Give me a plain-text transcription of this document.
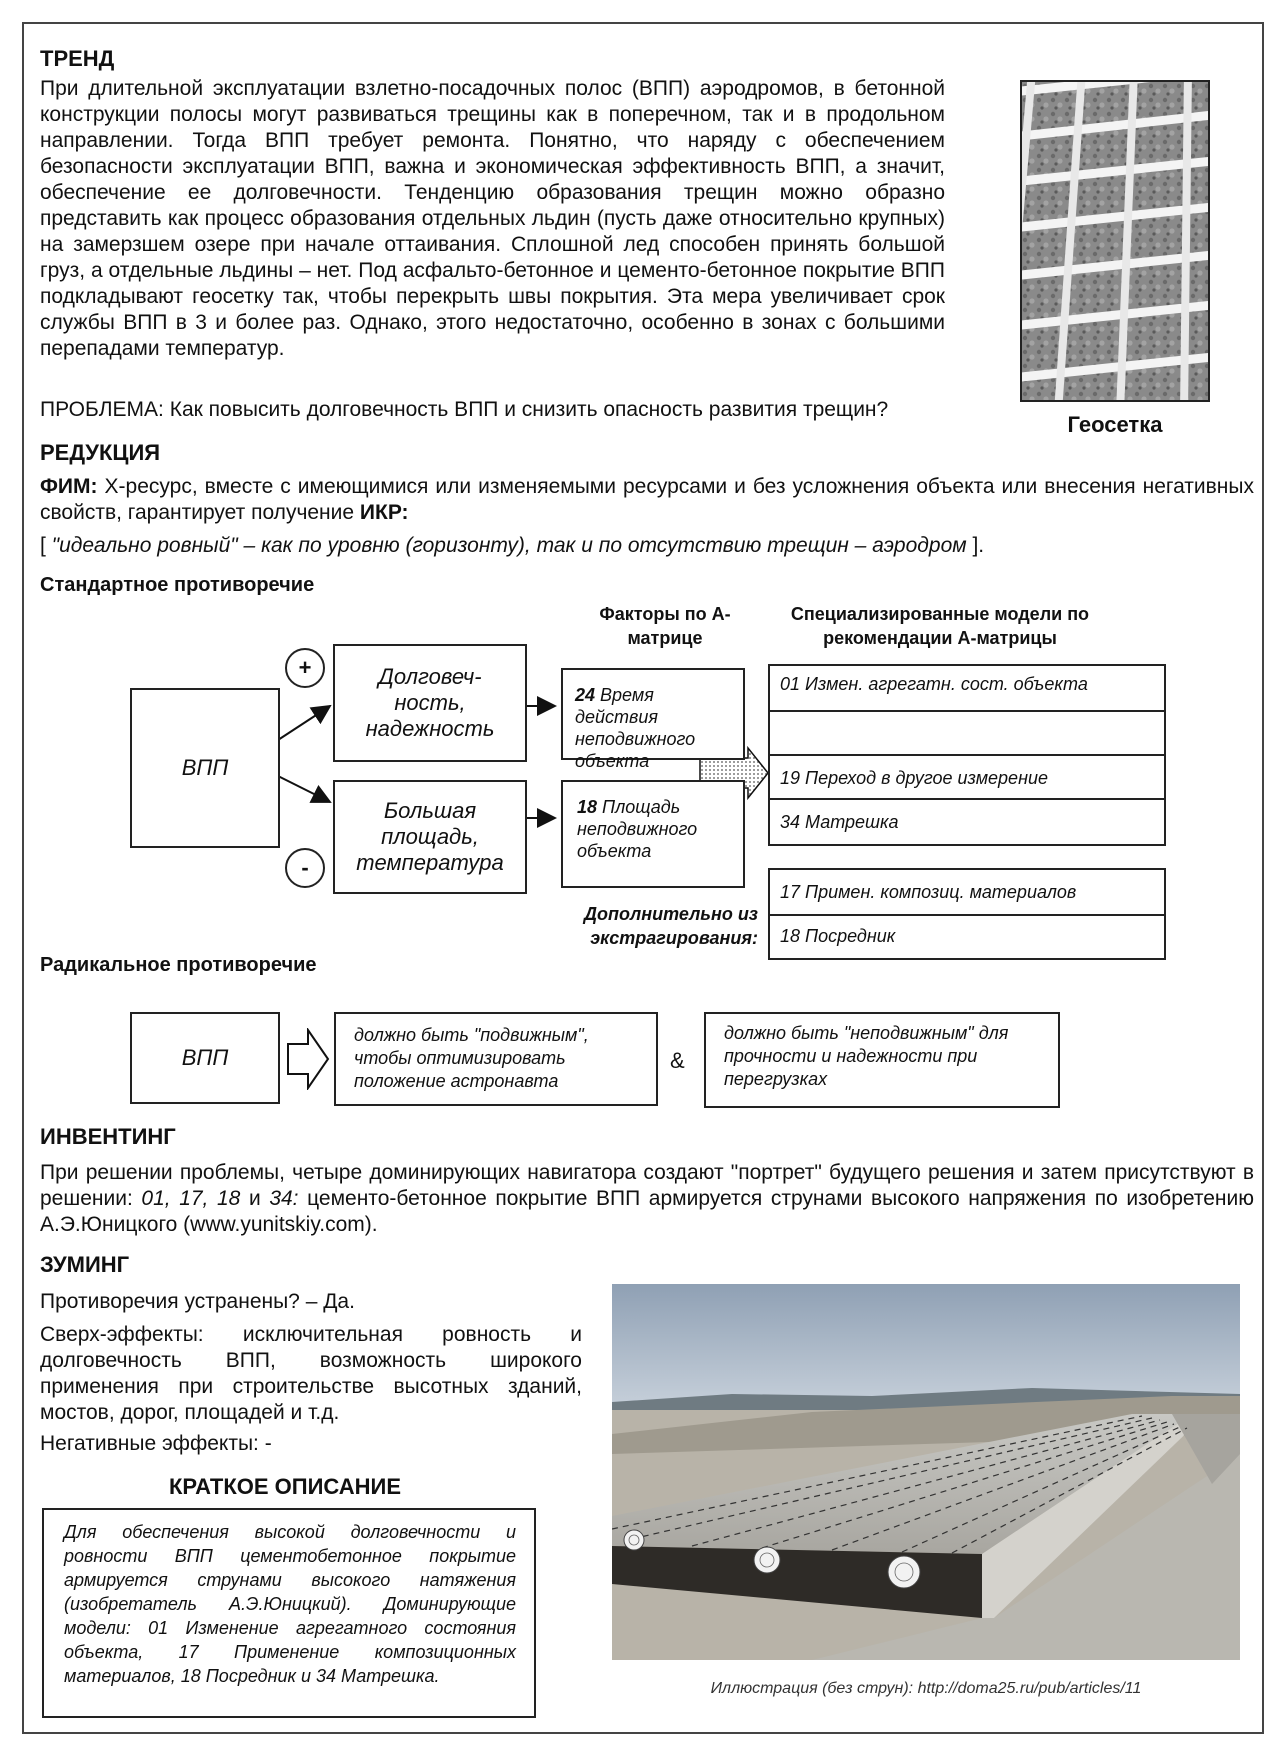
ТРЕНД
При длительной эксплуатации взлетно-посадочных полос (ВПП) аэродромов, в бетонной конструкции полосы могут развиваться трещины как в поперечном, так и в продольном направлении. Тогда ВПП требует ремонта. Понятно, что наряду с обеспечением безопасности эксплуатации ВПП, важна и экономическая эффективность ВПП, а значит, обеспечение ее долговечности. Тенденцию образования трещин можно образно представить как процесс образования отдельных льдин (пусть даже относительно крупных) на замерзшем озере при начале оттаивания. Сплошной лед способен принять большой груз, а отдельные льдины – нет. Под асфальто-бетонное и цементо-бетонное покрытие ВПП подкладывают геосетку так, чтобы перекрыть швы покрытия. Эта мера увеличивает срок службы ВПП в 3 и более раз. Однако, этого недостаточно, особенно в зонах с большими перепадами температур.
ПРОБЛЕМА: Как повысить долговечность ВПП и снизить опасность развития трещин?
Геосетка
РЕДУКЦИЯ
ФИМ: Х-ресурс, вместе с имеющимися или изменяемыми ресурсами и без усложнения объекта или внесения негативных свойств, гарантирует получение ИКР:
[ "идеально ровный" – как по уровню (горизонту), так и по отсутствию трещин – аэродром ].
Стандартное противоречие
Факторы по А-матрице
Специализированные модели по рекомендации А-матрицы
ВПП
+
-
Долговеч-ность, надежность
Большая площадь, температура
24 Время действия неподвижного объекта
18 Площадь неподвижного объекта
01 Измен. агрегатн. сост. объекта
19 Переход в другое измерение
34 Матрешка
17 Примен. композиц. материалов
18 Посредник
Дополнительно из экстрагирования:
Радикальное противоречие
ВПП
должно быть "подвижным", чтобы оптимизировать положение астронавта
&
должно быть "неподвижным" для прочности и надежности при перегрузках
ИНВЕНТИНГ
При решении проблемы, четыре доминирующих навигатора создают "портрет" будущего решения и затем присутствуют в решении: 01, 17, 18 и 34: цементо-бетонное покрытие ВПП армируется струнами высокого напряжения по изобретению А.Э.Юницкого (www.yunitskiy.com).
ЗУМИНГ
Противоречия устранены? – Да.
Сверх-эффекты: исключительная ровность и долговечность ВПП, возможность широкого применения при строительстве высотных зданий, мостов, дорог, площадей и т.д.
Негативные эффекты: -
КРАТКОЕ ОПИСАНИЕ
Для обеспечения высокой долговечности и ровности ВПП цементобетонное покрытие армируется струнами высокого натяжения (изобретатель А.Э.Юницкий). Доминирующие модели: 01 Изменение агрегатного состояния объекта, 17 Применение композиционных материалов, 18 Посредник и 34 Матрешка.
Иллюстрация (без струн): http://doma25.ru/pub/articles/11
